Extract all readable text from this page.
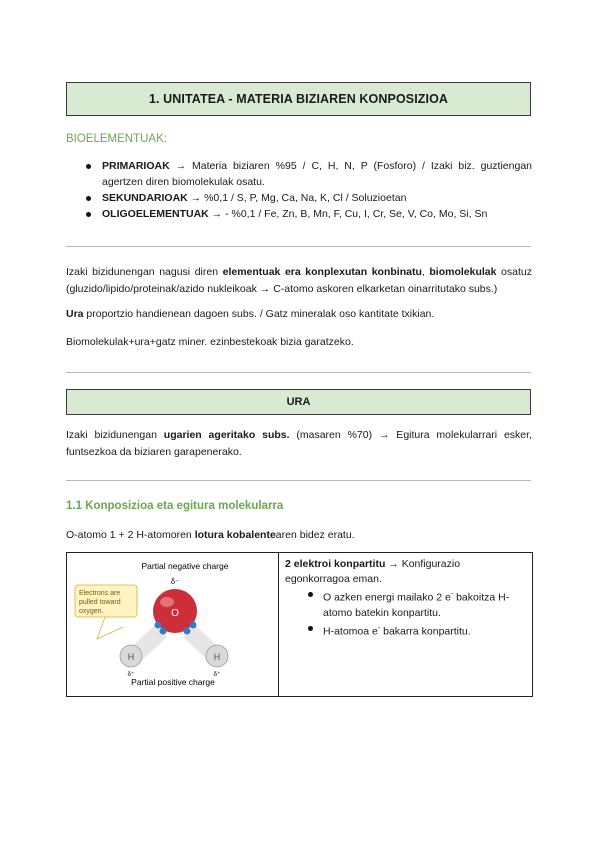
1. UNITATEA - MATERIA BIZIAREN KONPOSIZIOA
BIOELEMENTUAK:
PRIMARIOAK → Materia biziaren %95 / C, H, N, P (Fosforo) / Izaki biz. guztiengan agertzen diren biomolekulak osatu.
SEKUNDARIOAK → %0,1 / S, P, Mg, Ca, Na, K, Cl / Soluzioetan
OLIGOELEMENTUAK → - %0,1 / Fe, Zn, B, Mn, F, Cu, I, Cr, Se, V, Co, Mo, Si, Sn
Izaki bizidunengan nagusi diren elementuak era konplexutan konbinatu, biomolekulak osatuz (gluzido/lipido/proteinak/azido nukleikoak → C-atomo askoren elkarketan oinarritutako subs.)
Ura proportzio handienean dagoen subs. / Gatz mineralak oso kantitate txikian.
Biomolekulak+ura+gatz miner. ezinbestekoak bizia garatzeko.
URA
Izaki bizidunengan ugarien ageritako subs. (masaren %70) → Egitura molekularrari esker, funtsezkoa da biziaren garapenerako.
1.1 Konposizioa eta egitura molekularra
O-atomo 1 + 2 H-atomoren lotura kobalentearen bidez eratu.
Partial negative charge
δ⁻
O
H	H
δ⁺	δ⁺
Electrons are pulled toward oxygen.
Partial positive charge

2 elektroi konpartitu → Konfigurazio egonkorragoa eman.
O azken energi mailako 2 e- bakoitza H-atomo batekin konpartitu.
H-atomoa e- bakarra konpartitu.
